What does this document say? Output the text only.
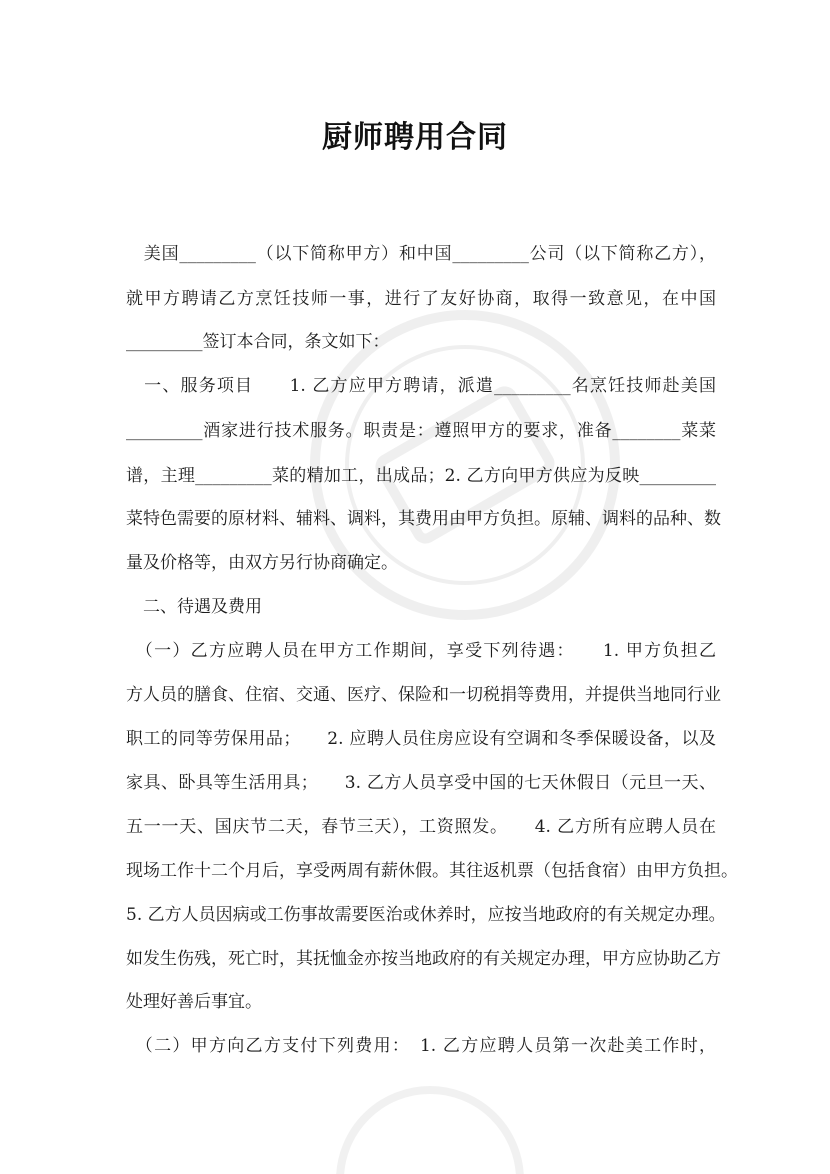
厨师聘用合同
　美国_________（以下简称甲方）和中国_________公司（以下简称乙方），
就甲方聘请乙方烹饪技师一事，进行了友好协商，取得一致意见，在中国
_________签订本合同，条文如下：
　一、服务项目　　1. 乙方应甲方聘请，派遣_________名烹饪技师赴美国
_________酒家进行技术服务。职责是：遵照甲方的要求，准备________菜菜
谱，主理_________菜的精加工，出成品；2. 乙方向甲方供应为反映_________
菜特色需要的原材料、辅料、调料，其费用由甲方负担。原辅、调料的品种、数
量及价格等，由双方另行协商确定。
　二、待遇及费用
　（一）乙方应聘人员在甲方工作期间，享受下列待遇：　　1. 甲方负担乙
方人员的膳食、住宿、交通、医疗、保险和一切税捐等费用，并提供当地同行业
职工的同等劳保用品；　　2. 应聘人员住房应设有空调和冬季保暖设备，以及
家具、卧具等生活用具；　　3. 乙方人员享受中国的七天休假日（元旦一天、
五一一天、国庆节二天，春节三天），工资照发。　　4. 乙方所有应聘人员在
现场工作十二个月后，享受两周有薪休假。其往返机票（包括食宿）由甲方负担。
5. 乙方人员因病或工伤事故需要医治或休养时，应按当地政府的有关规定办理。
如发生伤残，死亡时，其抚恤金亦按当地政府的有关规定办理，甲方应协助乙方
处理好善后事宜。
　（二）甲方向乙方支付下列费用：　1. 乙方应聘人员第一次赴美工作时，
